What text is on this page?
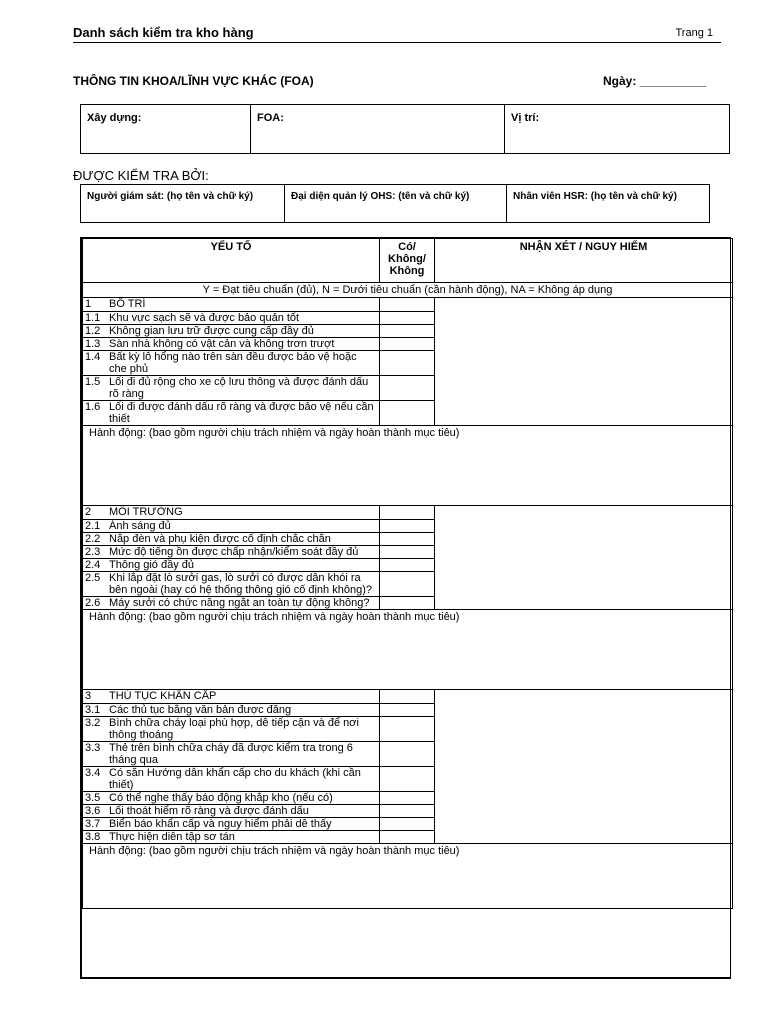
Danh sách kiểm tra kho hàng	Trang 1
THÔNG TIN KHOA/LĨNH VỰC KHÁC (FOA)	Ngày: __________
Xây dựng:	FOA:	Vị trí:
ĐƯỢC KIỂM TRA BỞI:
Người giám sát: (họ tên và chữ ký)	Đại diện quản lý OHS: (tên và chữ ký)	Nhân viên HSR: (họ tên và chữ ký)
YẾU TỐ	Có/ Không/ Không	NHẬN XÉT / NGUY HIỂM
Y = Đạt tiêu chuẩn (đủ), N = Dưới tiêu chuẩn (cần hành động), NA = Không áp dụng		
1 BỐ TRÍ		
1.1 Khu vực sạch sẽ và được bảo quản tốt		
1.2 Không gian lưu trữ được cung cấp đầy đủ		
1.3 Sàn nhà không có vật cản và không trơn trượt		
1.4 Bất kỳ lỗ hổng nào trên sàn đều được bảo vệ hoặc che phủ		
1.5 Lối đi đủ rộng cho xe cộ lưu thông và được đánh dấu rõ ràng		
1.6 Lối đi được đánh dấu rõ ràng và được bảo vệ nếu cần thiết		
Hành động: (bao gồm người chịu trách nhiệm và ngày hoàn thành mục tiêu)		
2 MÔI TRƯỜNG		
2.1 Ánh sáng đủ		
2.2 Nắp đèn và phụ kiện được cố định chắc chắn		
2.3 Mức độ tiếng ồn được chấp nhận/kiểm soát đầy đủ		
2.4 Thông gió đầy đủ		
2.5 Khi lắp đặt lò sưởi gas, lò sưởi có được dẫn khói ra bên ngoài (hay có hệ thống thông gió cố định không)?		
2.6 Máy sưởi có chức năng ngắt an toàn tự động không?		
Hành động: (bao gồm người chịu trách nhiệm và ngày hoàn thành mục tiêu)		
3 THỦ TỤC KHẨN CẤP		
3.1 Các thủ tục bằng văn bản được đăng		
3.2 Bình chữa cháy loại phù hợp, dễ tiếp cận và để nơi thông thoáng		
3.3 Thẻ trên bình chữa cháy đã được kiểm tra trong 6 tháng qua		
3.4 Có sẵn Hướng dẫn khẩn cấp cho du khách (khi cần thiết)		
3.5 Có thể nghe thấy báo động khắp kho (nếu có)		
3.6 Lối thoát hiểm rõ ràng và được đánh dấu		
3.7 Biển báo khẩn cấp và nguy hiểm phải dễ thấy		
3.8 Thực hiện diễn tập sơ tán		
Hành động: (bao gồm người chịu trách nhiệm và ngày hoàn thành mục tiêu)		
